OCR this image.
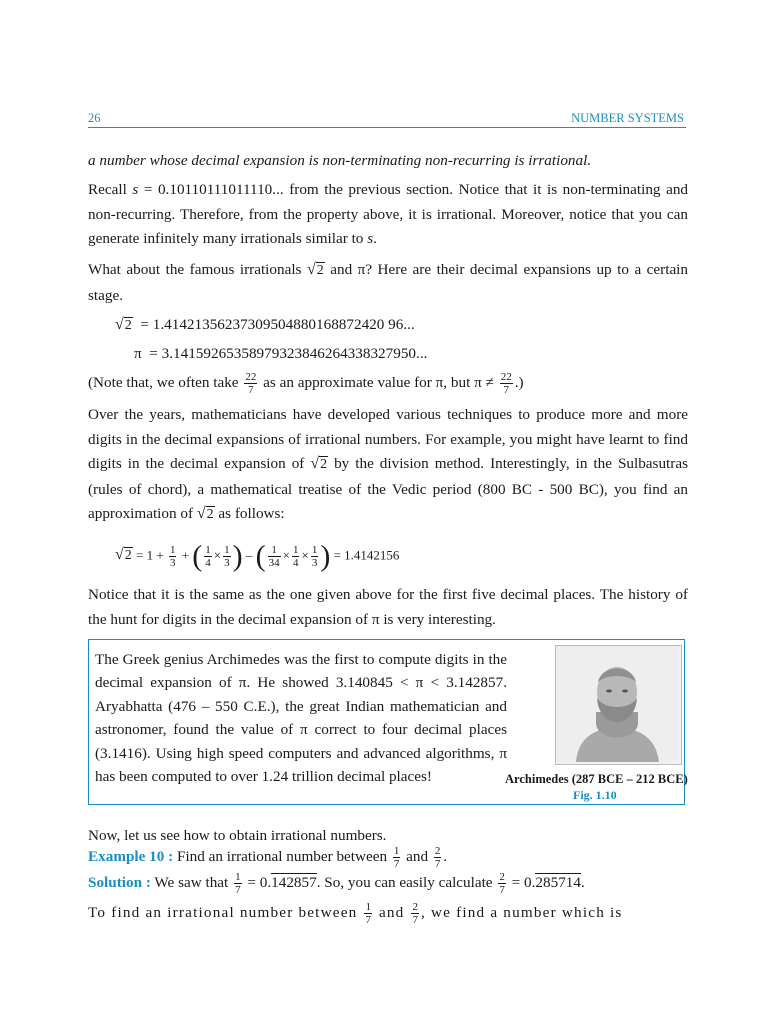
26	NUMBER SYSTEMS

a number whose decimal expansion is non-terminating non-recurring is irrational.

Recall s = 0.10110111011110... from the previous section. Notice that it is non-terminating and non-recurring. Therefore, from the property above, it is irrational. Moreover, notice that you can generate infinitely many irrationals similar to s.

What about the famous irrationals √2 and π? Here are their decimal expansions up to a certain stage.

√2 = 1.41421356237309504880168872420 96...
π = 3.14159265358979323846264338327950...
(Note that, we often take $\frac{22}{7}$ as an approximate value for π, but $\pi \ne \frac{22}{7}$ .)

Over the years, mathematicians have developed various techniques to produce more and more digits in the decimal expansions of irrational numbers. For example, you might have learnt to find digits in the decimal expansion of √2 by the division method. Interestingly, in the Sulbasutras (rules of chord), a mathematical treatise of the Vedic period (800 BC - 500 BC), you find an approximation of √2 as follows:

$√2 = 1 + \frac{1}{3}$ + ( $\frac{1}{4} \times \frac{1}{3}$ ) – ( $\frac{1}{34} \times \frac{1}{4} \times \frac{1}{3}$ ) = 1.4142156

Notice that it is the same as the one given above for the first five decimal places. The history of the hunt for digits in the decimal expansion of π is very interesting.

The Greek genius Archimedes was the first to compute digits in the decimal expansion of π. He showed 3.140845 < π < 3.142857. Aryabhatta (476 – 550 C.E.), the great Indian mathematician and astronomer, found the value of π correct to four decimal places (3.1416). Using high speed computers and advanced algorithms, π has been computed to over 1.24 trillion decimal places!	Archimedes (287 BCE – 212 BCE)
Fig. 1.10

Now, let us see how to obtain irrational numbers.

Example 10 : Find an irrational number between $\frac{1}{7}$ and $\frac{2}{7}$ .
Solution : We saw that $\frac{1}{7} = 0.142857$. So, you can easily calculate $\frac{2}{7} = 0.285714$.
To find an irrational number between $\frac{1}{7}$ and $\frac{2}{7}$ , we find a number which is
